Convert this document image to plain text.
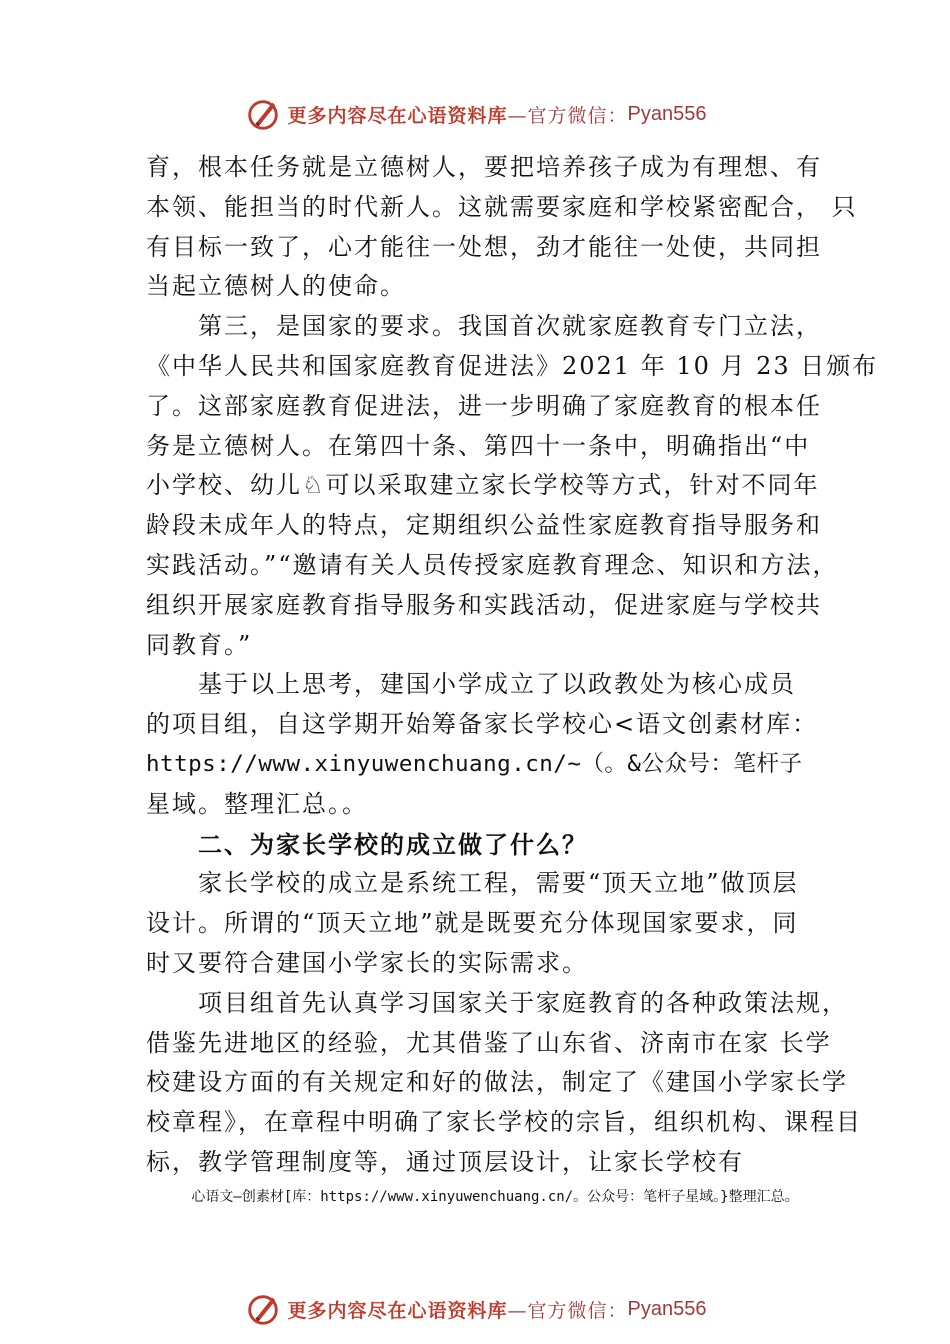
更多内容尽在心语资料库 —官方微信： Pyan556
育，根本任务就是立德树人，要把培养孩子成为有理想、有
本领、能担当的时代新人。这就需要家庭和学校紧密配合， 只
有目标一致了，心才能往一处想，劲才能往一处使，共同担
当起立德树人的使命。
第三，是国家的要求。我国首次就家庭教育专门立法，
《中华人民共和国家庭教育促进法》2021 年 10 月 23 日颁布
了。这部家庭教育促进法，进一步明确了家庭教育的根本任
务是立德树人。在第四十条、第四十一条中，明确指出“中
小学校、幼儿⁨♘⁩可以采取建立家长学校等方式，针对不同年
龄段未成年人的特点，定期组织公益性家庭教育指导服务和
实践活动。”“邀请有关人员传授家庭教育理念、知识和方法，
组织开展家庭教育指导服务和实践活动，促进家庭与学校共
同教育。”
基于以上思考，建国小学成立了以政教处为核心成员
的项目组，自这学期开始筹备家长学校心<语文创素材库：
https://www.xinyuwenchuang.cn/~（。&公众号：笔杆子
星域。整理汇总。。
二、为家长学校的成立做了什么？
家长学校的成立是系统工程，需要“顶天立地”做顶层
设计。所谓的“顶天立地”就是既要充分体现国家要求，同
时又要符合建国小学家长的实际需求。
项目组首先认真学习国家关于家庭教育的各种政策法规，
借鉴先进地区的经验，尤其借鉴了山东省、济南市在家 长学
校建设方面的有关规定和好的做法，制定了《建国小学家长学
校章程》，在章程中明确了家长学校的宗旨，组织机构、课程目
标，教学管理制度等，通过顶层设计，让家长学校有
心语文—创素材[库：https://www.xinyuwenchuang.cn/。公众号：笔杆子星域。}整理汇总。
更多内容尽在心语资料库 —官方微信： Pyan556
